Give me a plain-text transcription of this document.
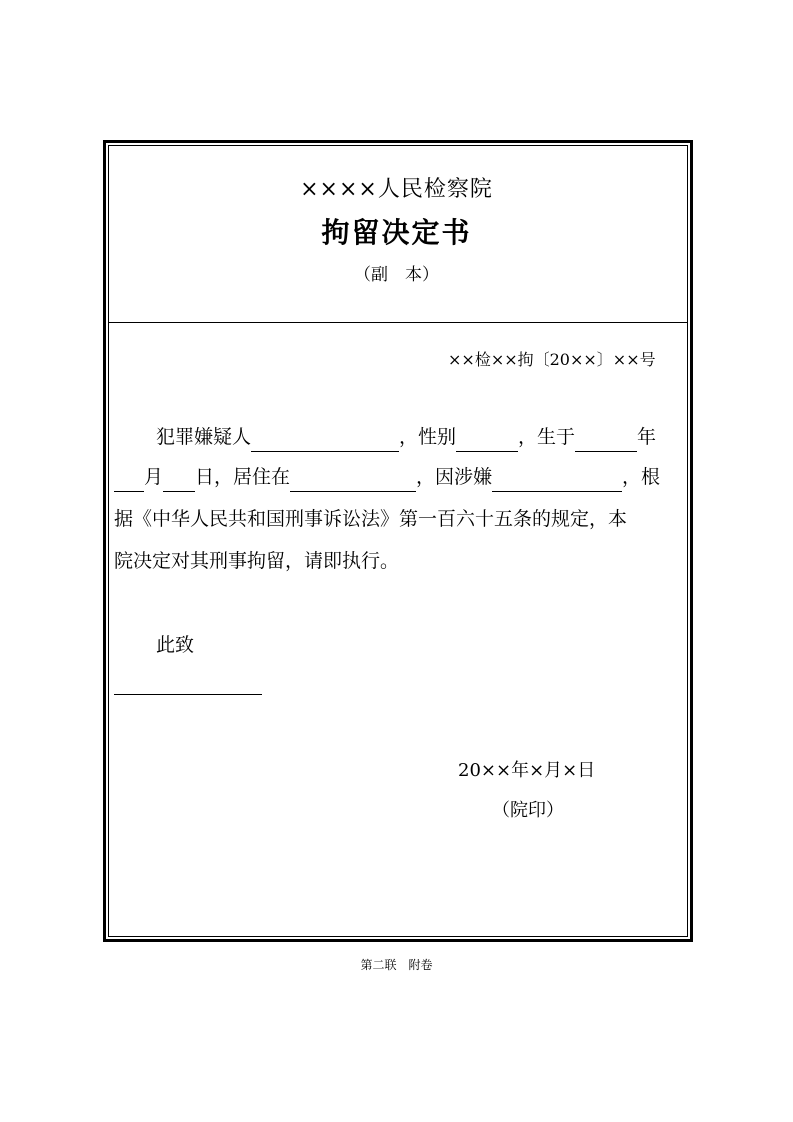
××××人民检察院
拘留决定书
（副　本）
××检××拘〔20××〕××号
犯罪嫌疑人	，性别	，生于	年
月 日，居住在	，因涉嫌	，根
据《中华人民共和国刑事诉讼法》第一百六十五条的规定，本
院决定对其刑事拘留，请即执行。
此致
20××年×月×日
（院印）
第二联　附卷
